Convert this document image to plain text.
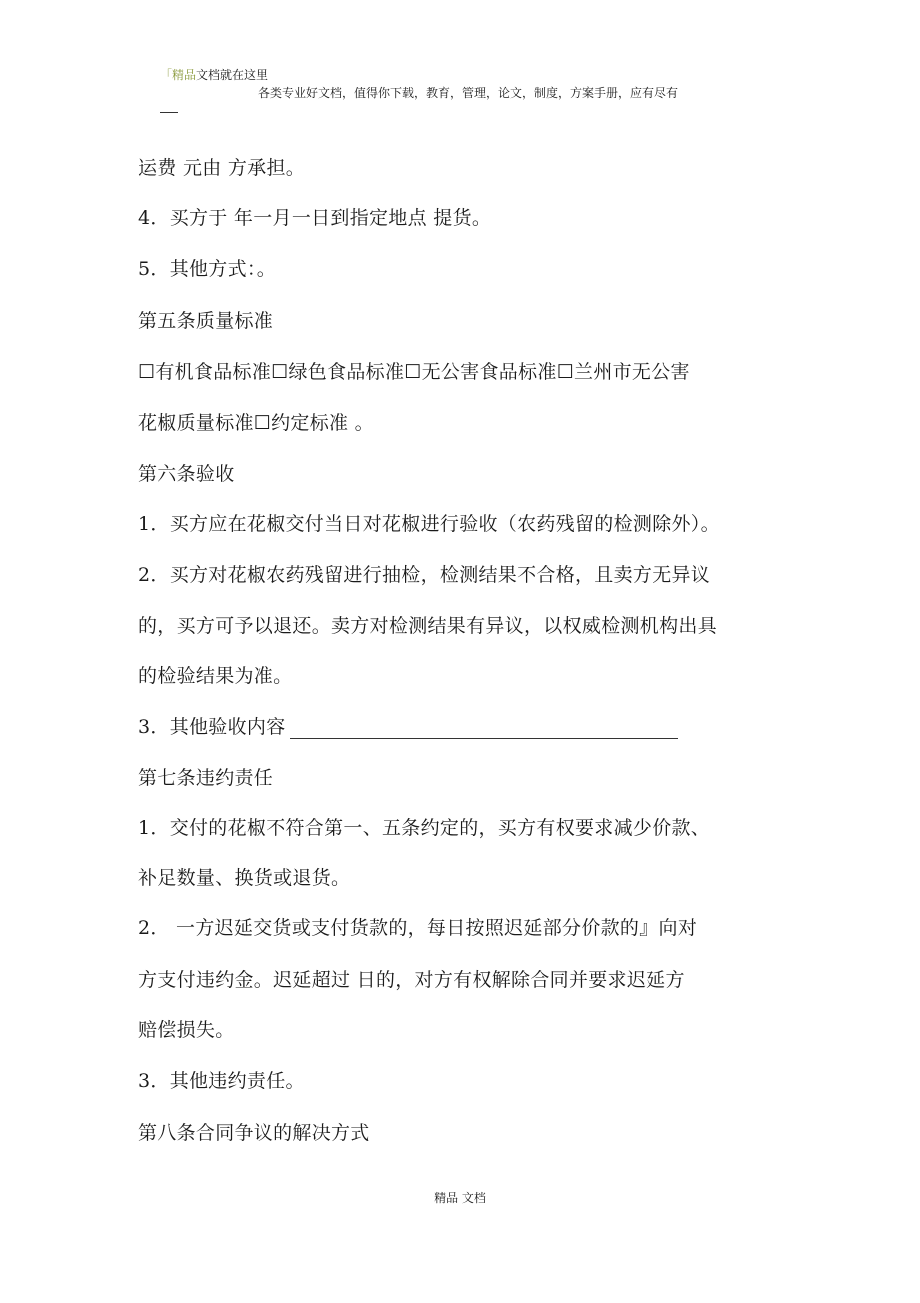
「精品文档就在这里
各类专业好文档，值得你下载，教育，管理，论文，制度，方案手册，应有尽有
运费 元由 方承担。
4．买方于 年一月一日到指定地点 提货。
5．其他方式：。
第五条质量标准
☐有机食品标准☐绿色食品标准☐无公害食品标准☐兰州市无公害
花椒质量标准☐约定标准 。
第六条验收
1．买方应在花椒交付当日对花椒进行验收（农药残留的检测除外）。
2．买方对花椒农药残留进行抽检，检测结果不合格，且卖方无异议
的，买方可予以退还。卖方对检测结果有异议，以权威检测机构出具
的检验结果为准。
3．其他验收内容
第七条违约责任
1．交付的花椒不符合第一、五条约定的，买方有权要求减少价款、
补足数量、换货或退货。
2． 一方迟延交货或支付货款的，每日按照迟延部分价款的』向对
方支付违约金。迟延超过 日的，对方有权解除合同并要求迟延方
赔偿损失。
3．其他违约责任。
第八条合同争议的解决方式
精品 文档
